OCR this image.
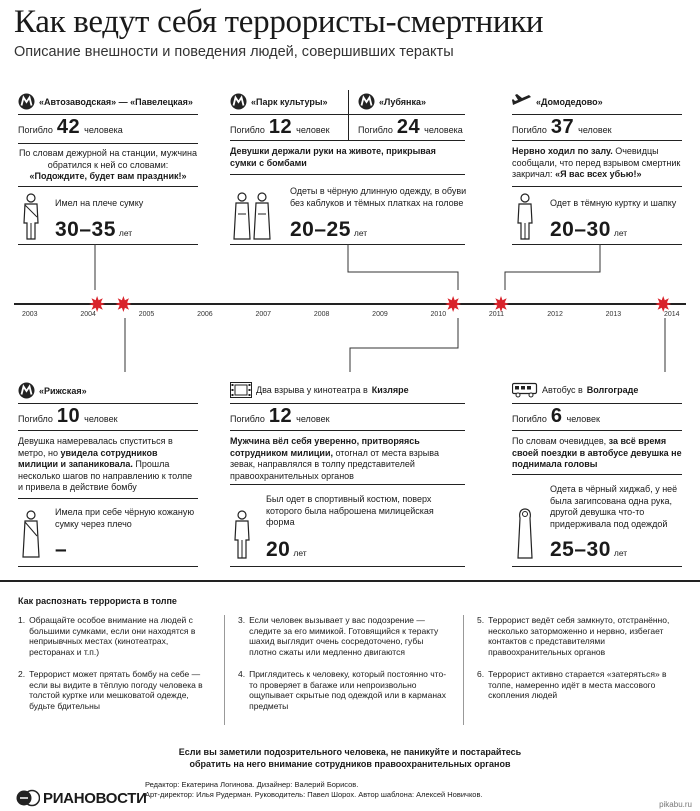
Как ведут себя террористы-смертники
Описание внешности и поведения людей, совершивших теракты
«Автозаводская» — «Павелецкая»
Погибло 42 человека
По словам дежурной на станции, мужчина обратился к ней со словами: «Подождите, будет вам праздник!»
Имел на плече сумку
30–35 лет
«Парк культуры»
Погибло 12 человек
«Лубянка»
Погибло 24 человека
Девушки держали руки на животе, прикрывая сумки с бомбами
Одеты в чёрную длинную одежду, в обуви без каблуков и тёмных платках на голове
20–25 лет
«Домодедово»
Погибло 37 человек
Нервно ходил по залу. Очевидцы сообщали, что перед взрывом смертник закричал: «Я вас всех убью!»
Одет в тёмную куртку и шапку
20–30 лет
2003	2004	2005	2006	2007	2008	2009	2010	2011	2012	2013	2014
«Рижская»
Погибло 10 человек
Девушка намеревалась спуститься в метро, но увидела сотрудников милиции и запаниковала. Прошла несколько шагов по направлению к толпе и привела в действие бомбу
Имела при себе чёрную кожаную сумку через плечо
–
Два взрыва у кинотеатра в Кизляре
Погибло 12 человек
Мужчина вёл себя уверенно, притворяясь сотрудником милиции, отогнал от места взрыва зевак, направлялся в толпу представителей правоохранительных органов
Был одет в спортивный костюм, поверх которого была наброшена милицейская форма
20 лет
Автобус в Волгограде
Погибло 6 человек
По словам очевидцев, за всё время своей поездки в автобусе девушка не поднимала головы
Одета в чёрный хиджаб, у неё была загипсована одна рука, другой девушка что-то придерживала под одеждой
25–30 лет
Как распознать террориста в толпе
1. Обращайте особое внимание на людей с большими сумками, если они находятся в неприывчных местах (кинотеатрах, ресторанах и т.п.)
2. Террорист может прятать бомбу на себе — если вы видите в тёплую погоду человека в толстой куртке или мешковатой одежде, будьте бдительны
3. Если человек вызывает у вас подозрение — следите за его мимикой. Готовящийся к теракту шахид выглядит очень сосредоточено, губы плотно сжаты или медленно двигаются
4. Приглядитесь к человеку, который постоянно что-то проверяет в багаже или непроизвольно ощупывает скрытые под одеждой или в карманах предметы
5. Террорист ведёт себя замкнуто, отстранённо, несколько заторможенно и нервно, избегает контактов с представителями правоохранительных органов
6. Террорист активно старается «затеряться» в толпе, намеренно идёт в места массового скопления людей
Если вы заметили подозрительного человека, не паникуйте и постарайтесь
обратить на него внимание сотрудников правоохранительных органов
РИАНОВОСТИ
Редактор: Екатерина Логинова. Дизайнер: Валерий Борисов.
Арт-директор: Илья Рудерман. Руководитель: Павел Шорох. Автор шаблона: Алексей Новичков.
pikabu.ru
